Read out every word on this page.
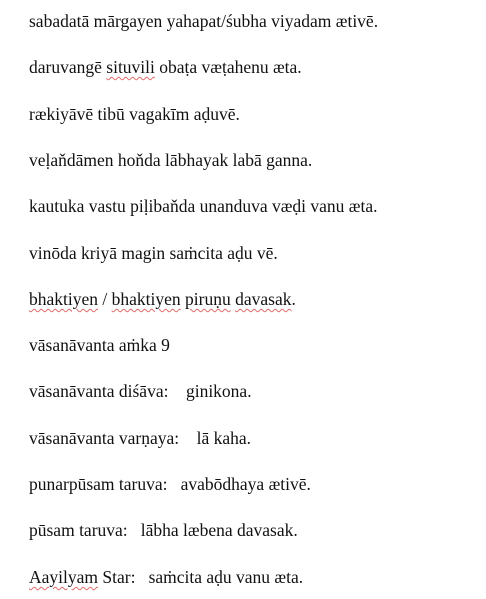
sabadatā mārgayen yahapat/śubha viyadam ætivē.
daruvangē situvili obaṭa væṭahenu æta.
rækiyāvē tibū vagakīm aḍuvē.
veḷaňdāmen hoňda lābhayak labā ganna.
kautuka vastu piḷibaňda unanduva væḍi vanu æta.
vinōda kriyā magin saṁcita aḍu vē.
bhaktiyen / bhaktiyen piruṇu davasak.
vāsanāvanta aṁka 9
vāsanāvanta diśāva:    ginikona.
vāsanāvanta varṇaya:    lā kaha.
punarpūsam taruva:   avabōdhaya ætivē.
pūsam taruva:   lābha læbena davasak.
Aayilyam Star:   saṁcita aḍu vanu æta.
